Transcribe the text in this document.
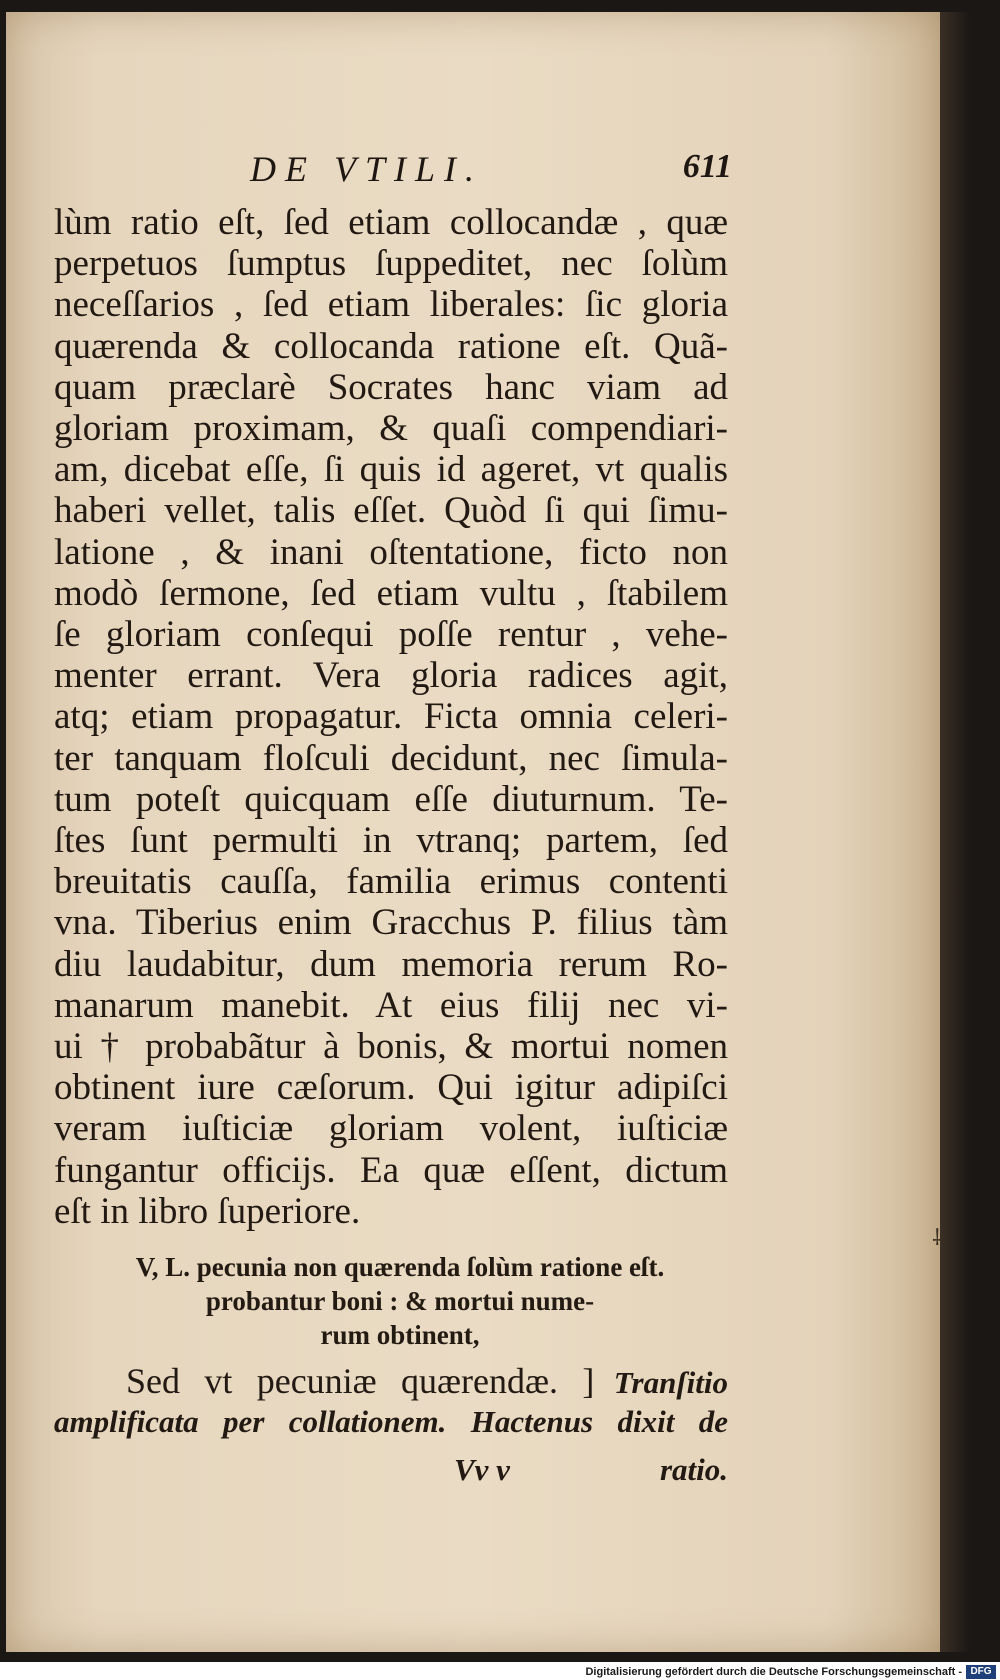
DE VTILI.	611
lùm ratio eſt, ſed etiam collocandæ , quæ
perpetuos ſumptus ſuppeditet, nec ſolùm
neceſſarios , ſed etiam liberales: ſic gloria
quærenda & collocanda ratione eſt. Quã-
quam præclarè Socrates hanc viam ad
gloriam proximam, & quaſi compendiari-
am, dicebat eſſe, ſi quis id ageret, vt qualis
haberi vellet, talis eſſet. Quòd ſi qui ſimu-
latione , & inani oſtentatione, ficto non
modò ſermone, ſed etiam vultu , ſtabilem
ſe gloriam conſequi poſſe rentur , vehe-
menter errant. Vera gloria radices agit,
atq; etiam propagatur. Ficta omnia celeri-
ter tanquam floſculi decidunt, nec ſimula-
tum poteſt quicquam eſſe diuturnum. Te-
ſtes ſunt permulti in vtranq; partem, ſed
breuitatis cauſſa, familia erimus contenti
vna. Tiberius enim Gracchus P. filius tàm
diu laudabitur, dum memoria rerum Ro-
manarum manebit. At eius filij nec vi-
ui † probabãtur à bonis, & mortui nomen
obtinent iure cæſorum. Qui igitur adipiſci
veram iuſticiæ gloriam volent, iuſticiæ
fungantur officijs. Ea quæ eſſent, dictum
eſt in libro ſuperiore.
V, L. pecunia non quærenda ſolùm ratione eſt.
probantur boni : & mortui nume-
rum obtinent,
Sed vt pecuniæ quærendæ. ] Tranſitio
amplificata per collationem. Hactenus dixit de
Vv v	ratio.
⸸
Digitalisierung gefördert durch die Deutsche Forschungsgemeinschaft - DFG
